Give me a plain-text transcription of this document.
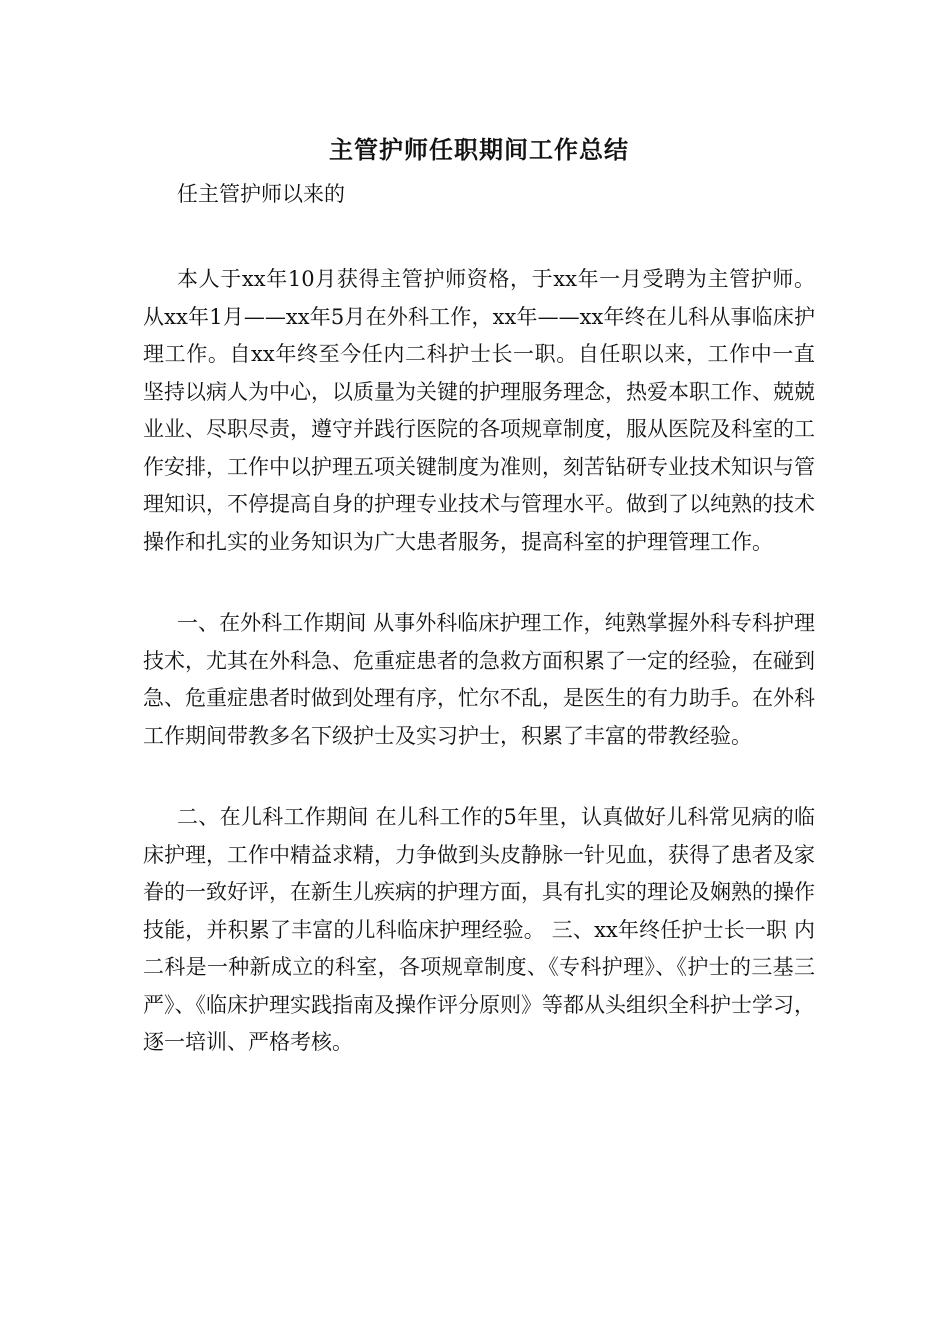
主管护师任职期间工作总结

任主管护师以来的

本人于xx年10月获得主管护师资格，于xx年一月受聘为主管护师。从xx年1月——xx年5月在外科工作，xx年——xx年终在儿科从事临床护理工作。自xx年终至今任内二科护士长一职。自任职以来，工作中一直坚持以病人为中心，以质量为关键的护理服务理念，热爱本职工作、兢兢业业、尽职尽责，遵守并践行医院的各项规章制度，服从医院及科室的工作安排，工作中以护理五项关键制度为准则，刻苦钻研专业技术知识与管理知识，不停提高自身的护理专业技术与管理水平。做到了以纯熟的技术操作和扎实的业务知识为广大患者服务，提高科室的护理管理工作。

一、在外科工作期间 从事外科临床护理工作，纯熟掌握外科专科护理技术，尤其在外科急、危重症患者的急救方面积累了一定的经验，在碰到急、危重症患者时做到处理有序，忙尔不乱，是医生的有力助手。在外科工作期间带教多名下级护士及实习护士，积累了丰富的带教经验。

二、在儿科工作期间 在儿科工作的5年里，认真做好儿科常见病的临床护理，工作中精益求精，力争做到头皮静脉一针见血，获得了患者及家眷的一致好评，在新生儿疾病的护理方面，具有扎实的理论及娴熟的操作技能，并积累了丰富的儿科临床护理经验。 三、xx年终任护士长一职 内二科是一种新成立的科室，各项规章制度、《专科护理》、《护士的三基三严》、《临床护理实践指南及操作评分原则》等都从头组织全科护士学习，逐一培训、严格考核。
